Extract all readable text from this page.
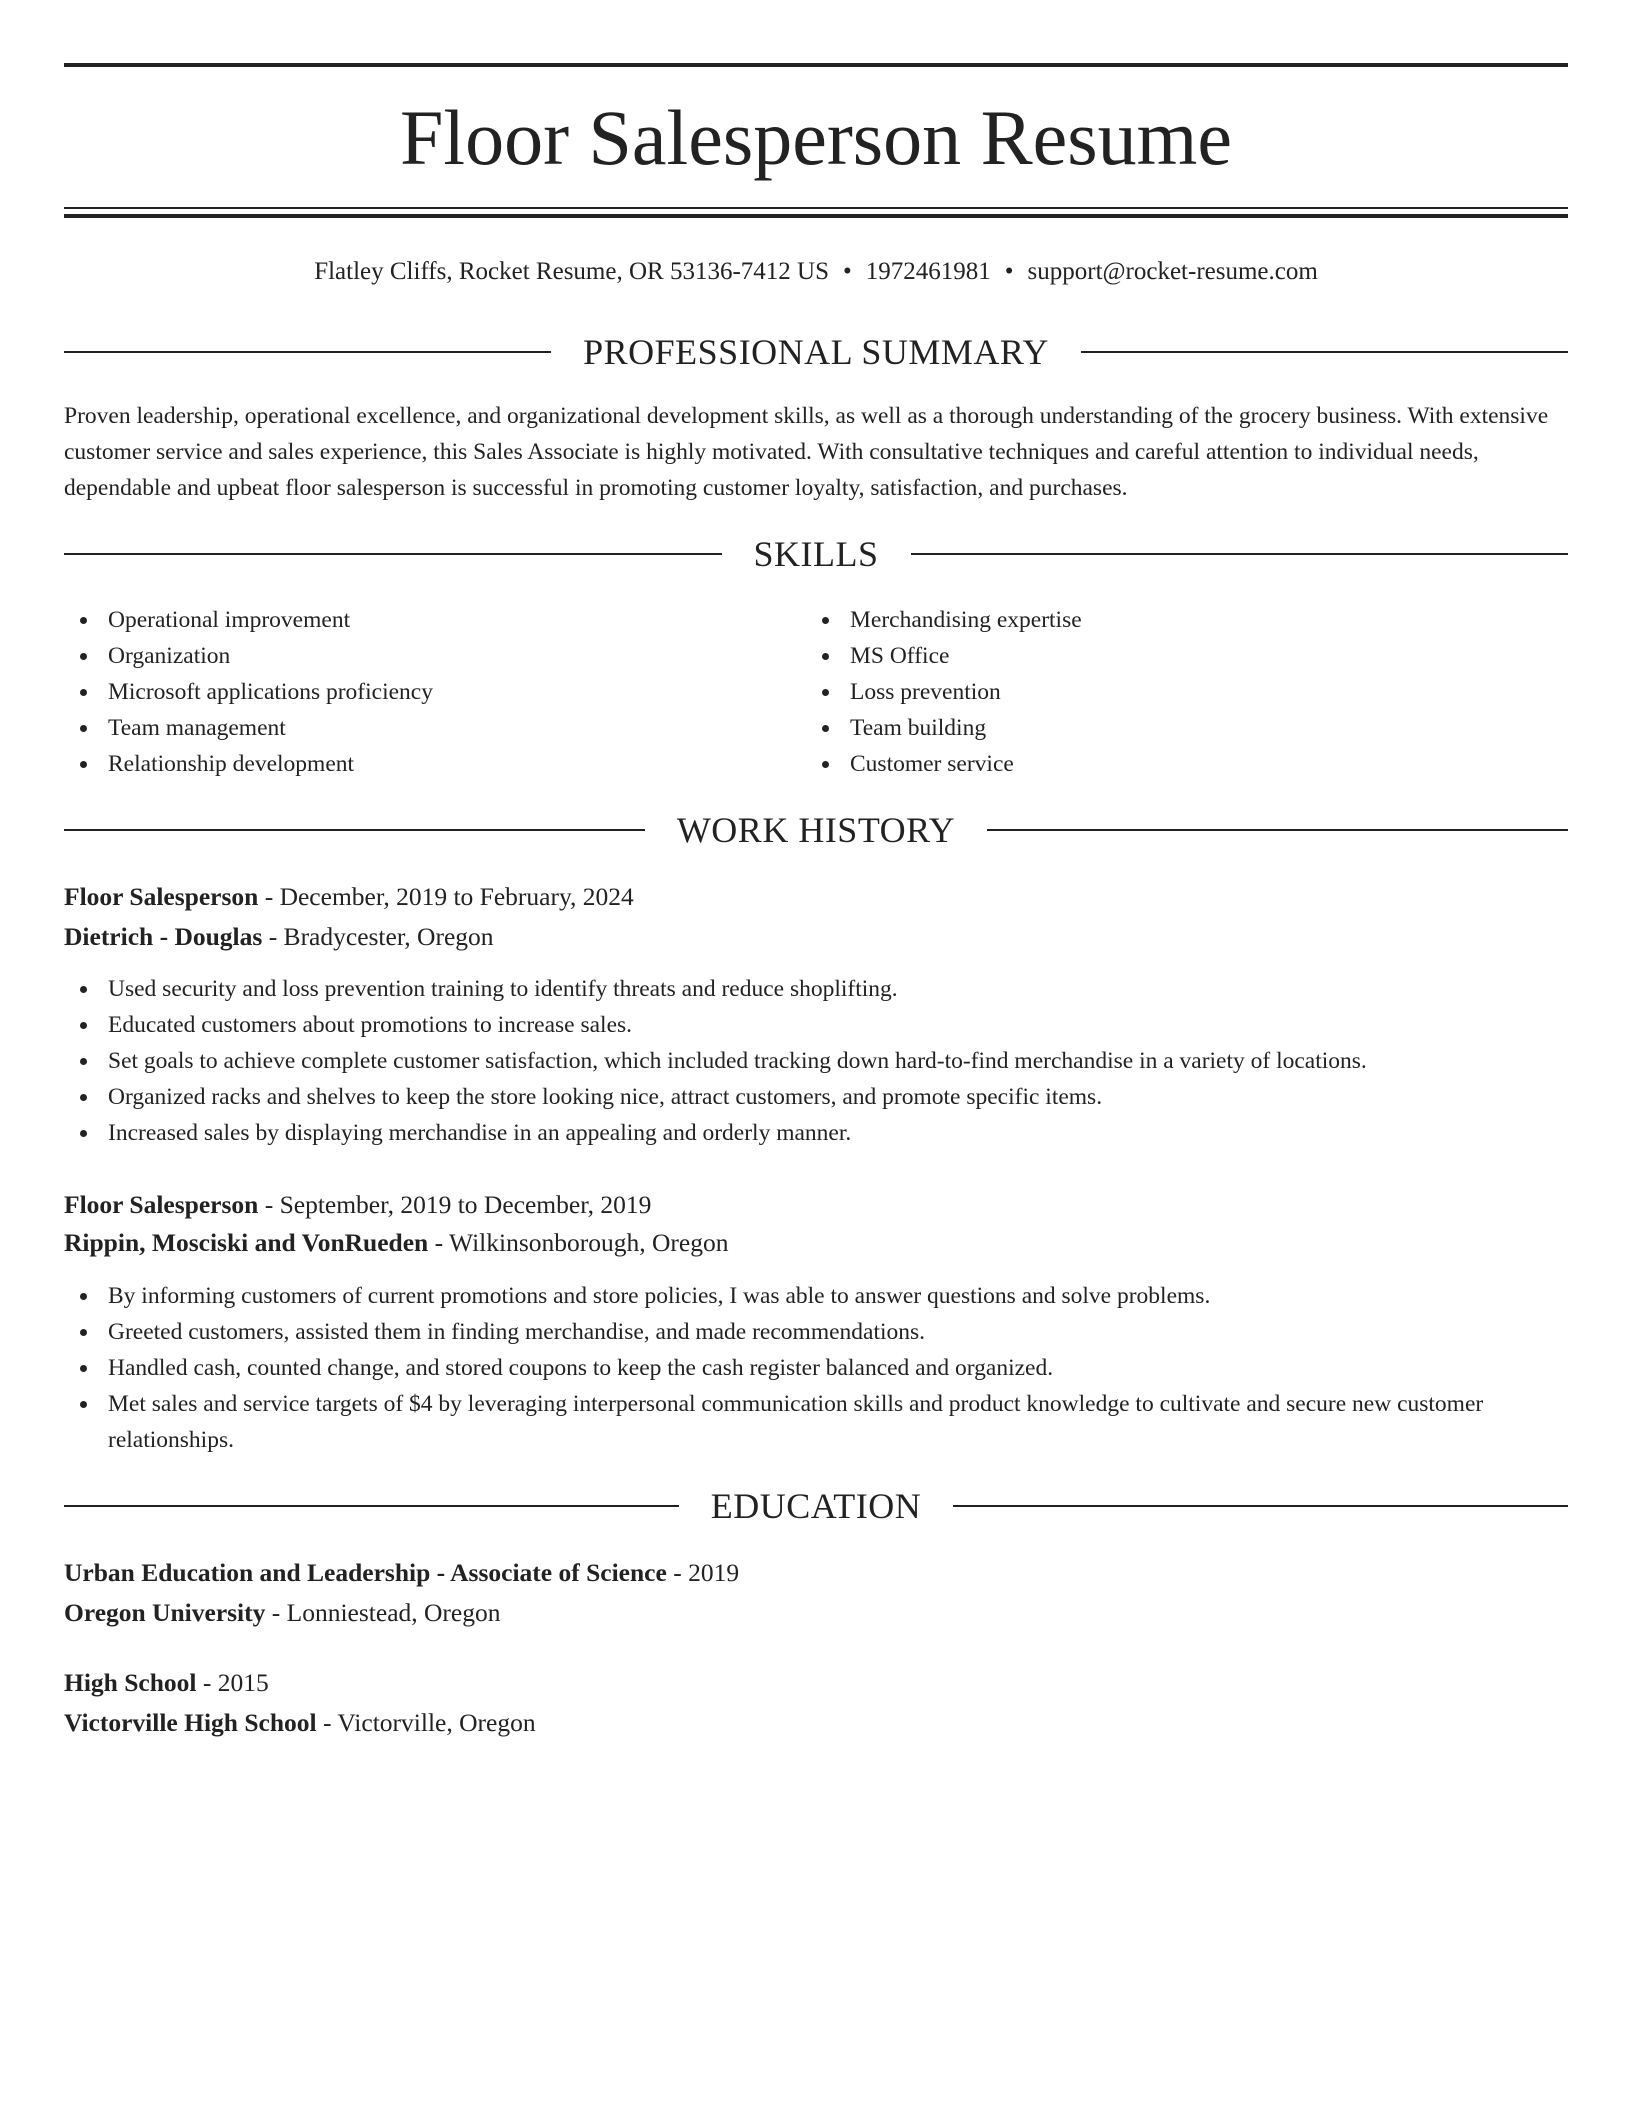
Floor Salesperson Resume
Flatley Cliffs, Rocket Resume, OR 53136-7412 US • 1972461981 • support@rocket-resume.com
PROFESSIONAL SUMMARY

Proven leadership, operational excellence, and organizational development skills, as well as a thorough understanding of the grocery business. With extensive customer service and sales experience, this Sales Associate is highly motivated. With consultative techniques and careful attention to individual needs, dependable and upbeat floor salesperson is successful in promoting customer loyalty, satisfaction, and purchases.

SKILLS
Operational improvement
Organization
Microsoft applications proficiency
Team management
Relationship development
Merchandising expertise
MS Office
Loss prevention
Team building
Customer service
WORK HISTORY
Floor Salesperson - December, 2019 to February, 2024
Dietrich - Douglas - Bradycester, Oregon
Used security and loss prevention training to identify threats and reduce shoplifting.
Educated customers about promotions to increase sales.
Set goals to achieve complete customer satisfaction, which included tracking down hard-to-find merchandise in a variety of locations.
Organized racks and shelves to keep the store looking nice, attract customers, and promote specific items.
Increased sales by displaying merchandise in an appealing and orderly manner.
Floor Salesperson - September, 2019 to December, 2019
Rippin, Mosciski and VonRueden - Wilkinsonborough, Oregon
By informing customers of current promotions and store policies, I was able to answer questions and solve problems.
Greeted customers, assisted them in finding merchandise, and made recommendations.
Handled cash, counted change, and stored coupons to keep the cash register balanced and organized.
Met sales and service targets of $4 by leveraging interpersonal communication skills and product knowledge to cultivate and secure new customer relationships.
EDUCATION
Urban Education and Leadership - Associate of Science - 2019
Oregon University - Lonniestead, Oregon
High School - 2015
Victorville High School - Victorville, Oregon
